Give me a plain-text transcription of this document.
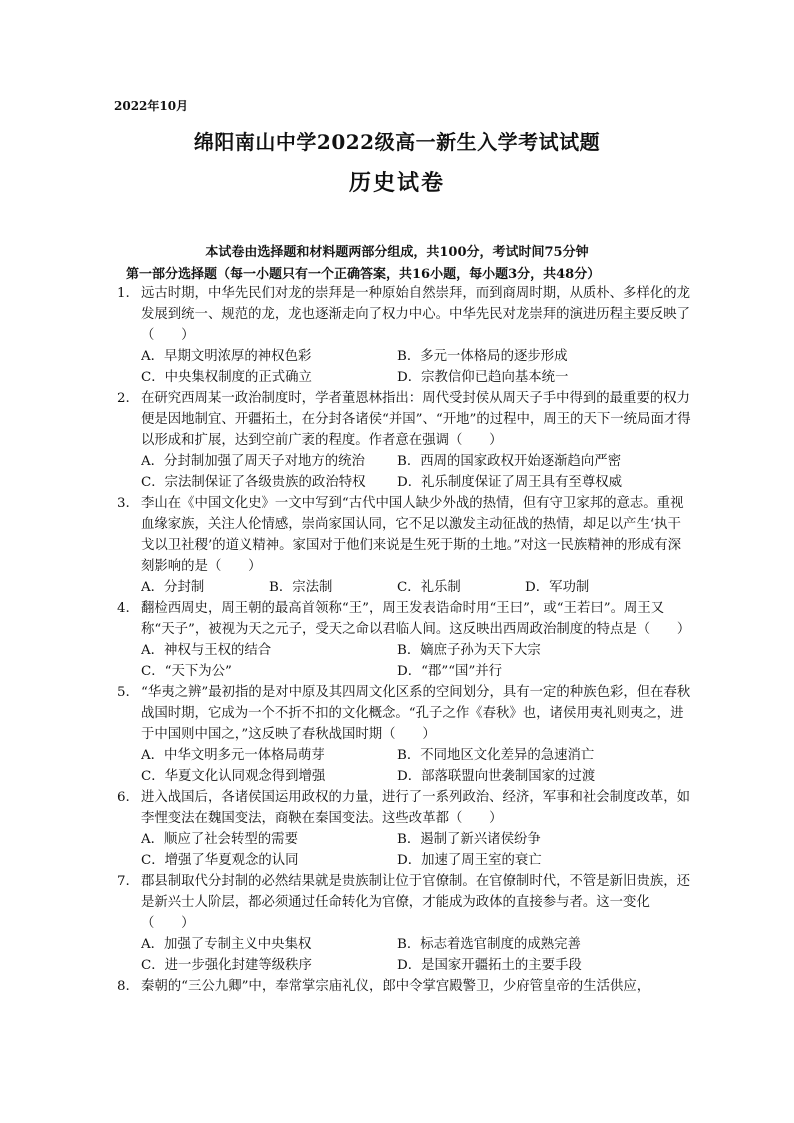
2022年10月
绵阳南山中学2022级高一新生入学考试试题
历史试卷
本试卷由选择题和材料题两部分组成，共100分，考试时间75分钟
第一部分选择题（每一小题只有一个正确答案，共16小题，每小题3分，共48分）
1. 远古时期，中华先民们对龙的崇拜是一种原始自然崇拜，而到商周时期，从质朴、多样化的龙发展到统一、规范的龙，龙也逐渐走向了权力中心。中华先民对龙崇拜的演进历程主要反映了（　　）
A．早期文明浓厚的神权色彩	B．多元一体格局的逐步形成
C．中央集权制度的正式确立	D．宗教信仰已趋向基本统一
2. 在研究西周某一政治制度时，学者董恩林指出：周代受封侯从周天子手中得到的最重要的权力便是因地制宜、开疆拓土，在分封各诸侯“并国”、“开地”的过程中，周王的天下一统局面才得以形成和扩展，达到空前广袤的程度。作者意在强调（　　）
A．分封制加强了周天子对地方的统治	B．西周的国家政权开始逐渐趋向严密
C．宗法制保证了各级贵族的政治特权	D．礼乐制度保证了周王具有至尊权威
3. 李山在《中国文化史》一文中写到“古代中国人缺少外战的热情，但有守卫家邦的意志。重视血缘家族，关注人伦情感，崇尚家国认同，它不足以激发主动征战的热情，却足以产生‘执干戈以卫社稷’的道义精神。家国对于他们来说是生死于斯的土地。”对这一民族精神的形成有深刻影响的是（　　）
A．分封制	B．宗法制	C．礼乐制	D．军功制
4. 翻检西周史，周王朝的最高首领称“王”，周王发表诰命时用“王曰”，或“王若曰”。周王又称“天子”，被视为天之元子，受天之命以君临人间。这反映出西周政治制度的特点是（　　）
A．神权与王权的结合	B．嫡庶子孙为天下大宗
C．“天下为公”	D．“郡”“国”并行
5. “华夷之辨”最初指的是对中原及其四周文化区系的空间划分，具有一定的种族色彩，但在春秋战国时期，它成为一个不折不扣的文化概念。“孔子之作《春秋》也，诸侯用夷礼则夷之，进于中国则中国之，”这反映了春秋战国时期（　　）
A．中华文明多元一体格局萌芽	B．不同地区文化差异的急速消亡
C．华夏文化认同观念得到增强	D．部落联盟向世袭制国家的过渡
6. 进入战国后，各诸侯国运用政权的力量，进行了一系列政治、经济，军事和社会制度改革，如李悝变法在魏国变法，商鞅在秦国变法。这些改革都（　　）
A．顺应了社会转型的需要	B．遏制了新兴诸侯纷争
C．增强了华夏观念的认同	D．加速了周王室的衰亡
7. 郡县制取代分封制的必然结果就是贵族制让位于官僚制。在官僚制时代，不管是新旧贵族，还是新兴士人阶层，都必须通过任命转化为官僚，才能成为政体的直接参与者。这一变化（　　）
A．加强了专制主义中央集权	B．标志着选官制度的成熟完善
C．进一步强化封建等级秩序	D．是国家开疆拓土的主要手段
8. 秦朝的“三公九卿”中，奉常掌宗庙礼仪，郎中令掌宫殿警卫，少府管皇帝的生活供应，
